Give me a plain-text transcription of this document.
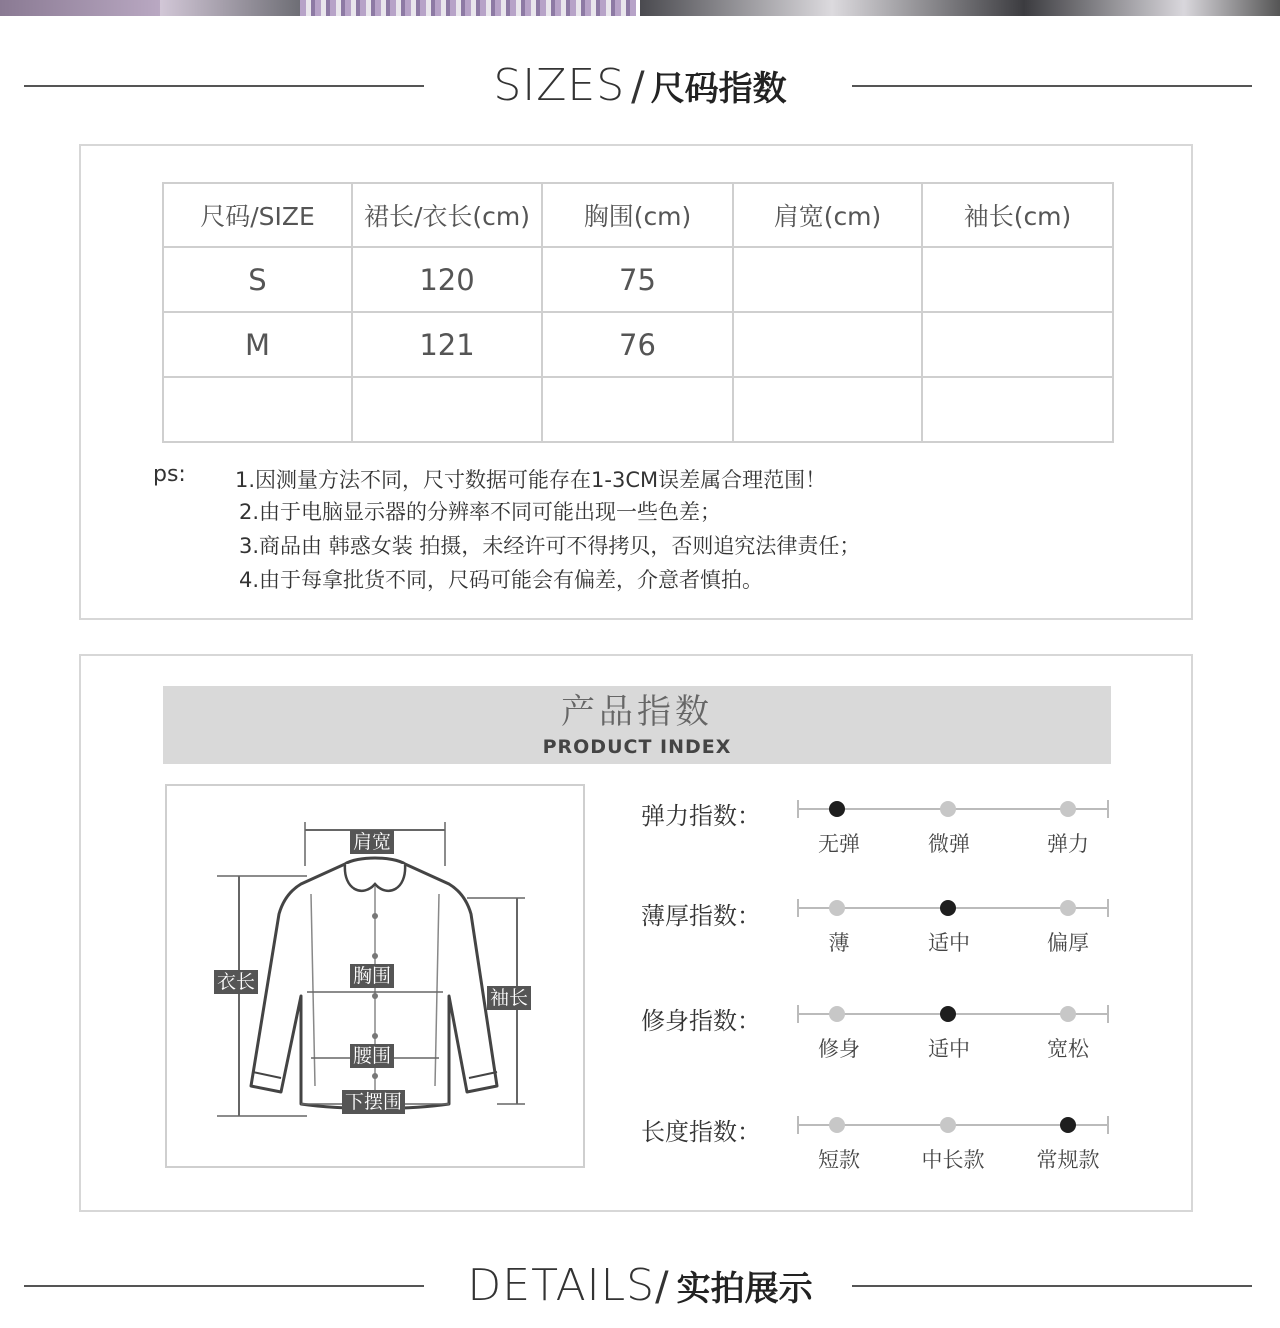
SIZES / 尺码指数
尺码/SIZE	裙长/衣长(cm)	胸围(cm)	肩宽(cm)	袖长(cm)
S	120	75		
M	121	76		

ps: 1.因测量方法不同，尺寸数据可能存在1-3CM误差属合理范围！
2.由于电脑显示器的分辨率不同可能出现一些色差；
3.商品由 韩惑女装 拍摄，未经许可不得拷贝，否则追究法律责任；
4.由于每拿批货不同，尺码可能会有偏差，介意者慎拍。
产品指数
PRODUCT INDEX
肩宽
衣长	胸围
袖长
腰围
下摆围
弹力指数：
无弹	微弹	弹力
薄厚指数：
薄	适中	偏厚
修身指数：
修身	适中	宽松
长度指数：
短款	中长款 常规款
DETAILS/ 实拍展示
